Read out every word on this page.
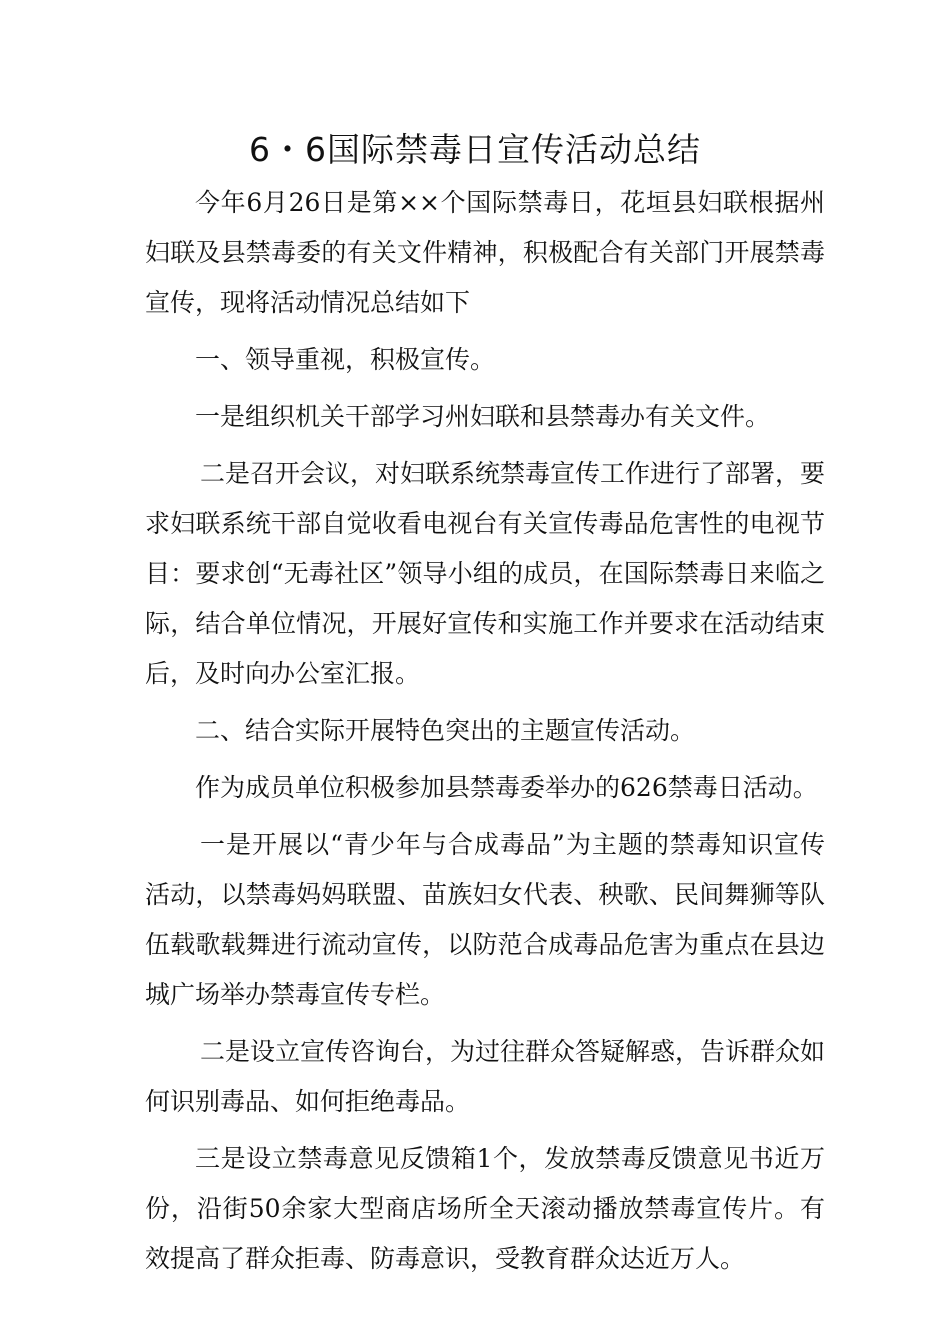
6・6国际禁毒日宣传活动总结

今年6月26日是第××个国际禁毒日，花垣县妇联根据州妇联及县禁毒委的有关文件精神，积极配合有关部门开展禁毒宣传，现将活动情况总结如下

一、领导重视，积极宣传。

一是组织机关干部学习州妇联和县禁毒办有关文件。

二是召开会议，对妇联系统禁毒宣传工作进行了部署，要求妇联系统干部自觉收看电视台有关宣传毒品危害性的电视节目：要求创“无毒社区”领导小组的成员，在国际禁毒日来临之际，结合单位情况，开展好宣传和实施工作并要求在活动结束后，及时向办公室汇报。

二、结合实际开展特色突出的主题宣传活动。

作为成员单位积极参加县禁毒委举办的626禁毒日活动。

一是开展以“青少年与合成毒品”为主题的禁毒知识宣传活动，以禁毒妈妈联盟、苗族妇女代表、秧歌、民间舞狮等队伍载歌载舞进行流动宣传，以防范合成毒品危害为重点在县边城广场举办禁毒宣传专栏。

二是设立宣传咨询台，为过往群众答疑解惑，告诉群众如何识别毒品、如何拒绝毒品。

三是设立禁毒意见反馈箱1个，发放禁毒反馈意见书近万份，沿街50余家大型商店场所全天滚动播放禁毒宣传片。有效提高了群众拒毒、防毒意识，受教育群众达近万人。
